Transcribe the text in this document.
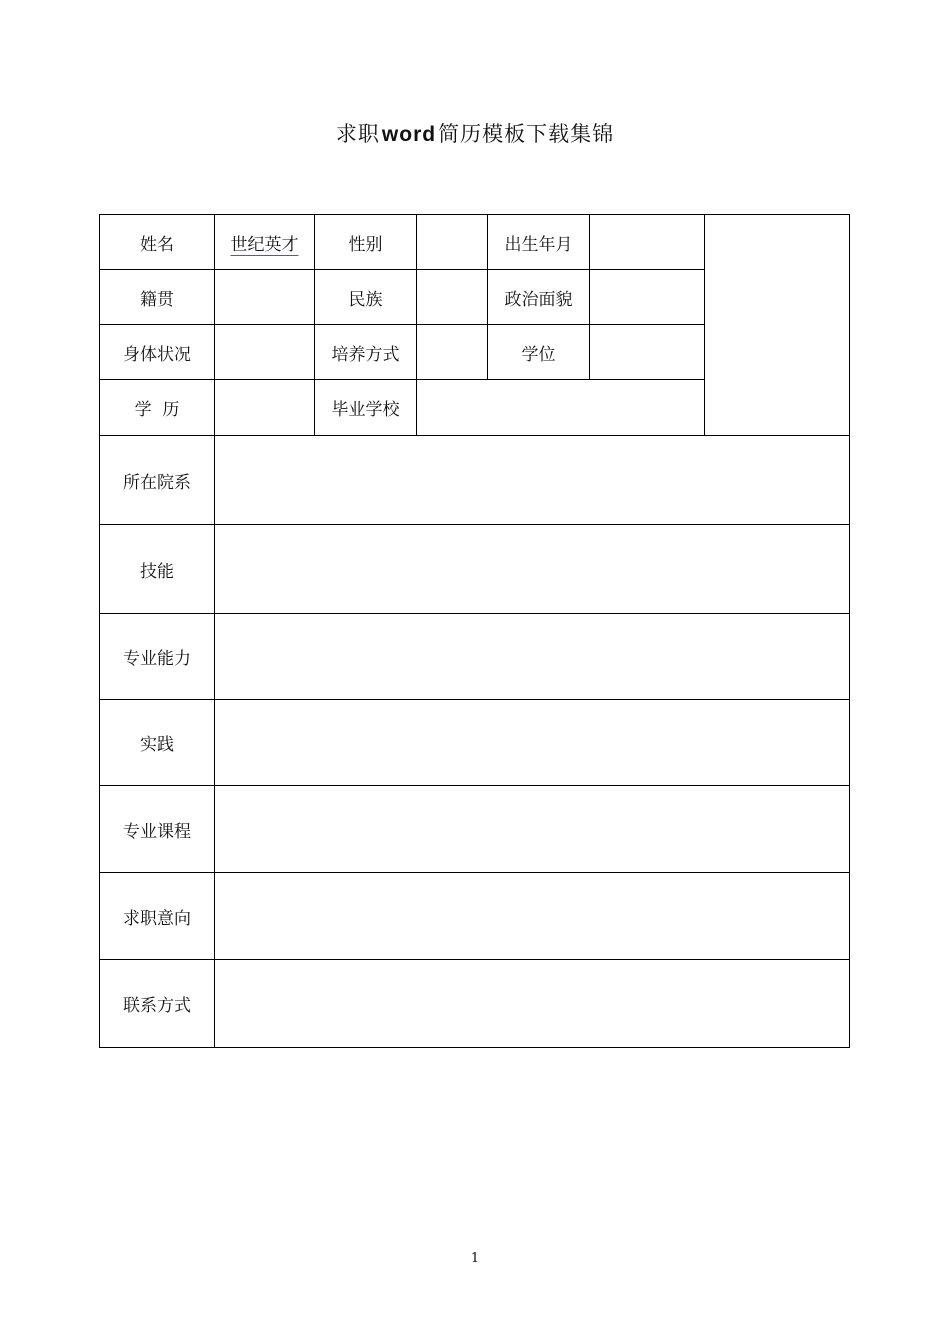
求职word简历模板下载集锦
姓名	世纪英才	性别		出生年月		
籍贯		民族		政治面貌		
身体状况		培养方式		学位		
学  历		毕业学校				
所在院系						
技能						
专业能力						
实践						
专业课程						
求职意向						
联系方式						
1
